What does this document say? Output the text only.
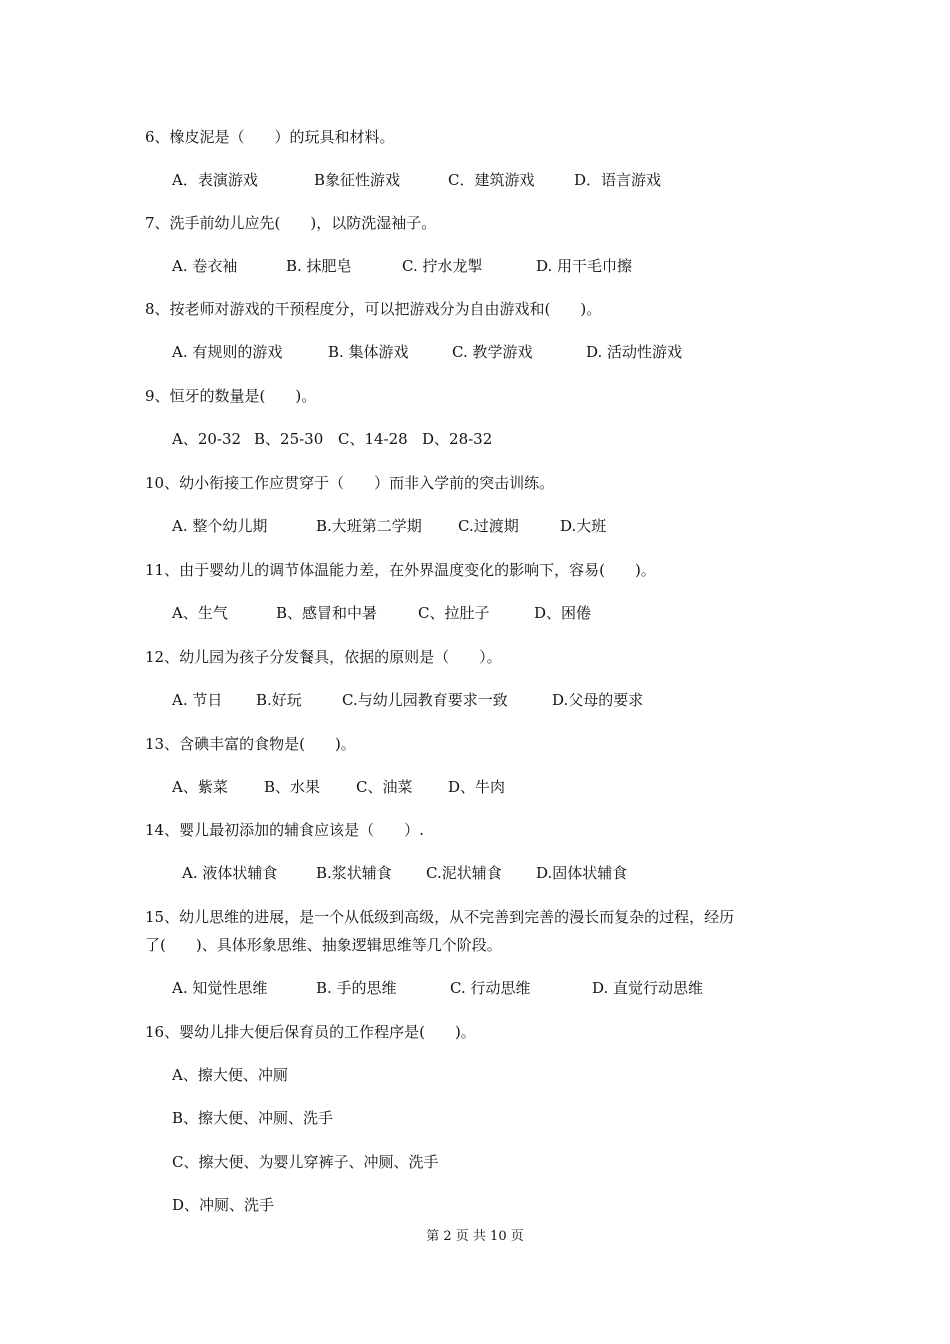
6、橡皮泥是（　　）的玩具和材料。
A．表演游戏	B象征性游戏	C．建筑游戏	D．语言游戏
7、洗手前幼儿应先(　　)，以防洗湿袖子。
A. 卷衣袖	B. 抹肥皂	C. 拧水龙掣	D. 用干毛巾擦
8、按老师对游戏的干预程度分，可以把游戏分为自由游戏和(　　)。
A. 有规则的游戏	B. 集体游戏	C. 教学游戏	D. 活动性游戏
9、恒牙的数量是(　　)。
A、20-32 B、25-30 C、14-28 D、28-32
10、幼小衔接工作应贯穿于（　　）而非入学前的突击训练。
A. 整个幼儿期	B.大班第二学期	C.过渡期	D.大班
11、由于婴幼儿的调节体温能力差，在外界温度变化的影响下，容易(　　)。
A、生气	B、感冒和中暑	C、拉肚子	D、困倦
12、幼儿园为孩子分发餐具，依据的原则是（　　）。
A. 节日	B.好玩	C.与幼儿园教育要求一致	D.父母的要求
13、含碘丰富的食物是(　　)。
A、紫菜	B、水果	C、油菜	D、牛肉
14、婴儿最初添加的辅食应该是（　　）.
A. 液体状辅食	B.浆状辅食	C.泥状辅食	D.固体状辅食
15、幼儿思维的进展，是一个从低级到高级，从不完善到完善的漫长而复杂的过程，经历
了(　　)、具体形象思维、抽象逻辑思维等几个阶段。
A. 知觉性思维	B. 手的思维	C. 行动思维	D. 直觉行动思维
16、婴幼儿排大便后保育员的工作程序是(　　)。
A、擦大便、冲厕
B、擦大便、冲厕、洗手
C、擦大便、为婴儿穿裤子、冲厕、洗手
D、冲厕、洗手
第 2 页 共 10 页
